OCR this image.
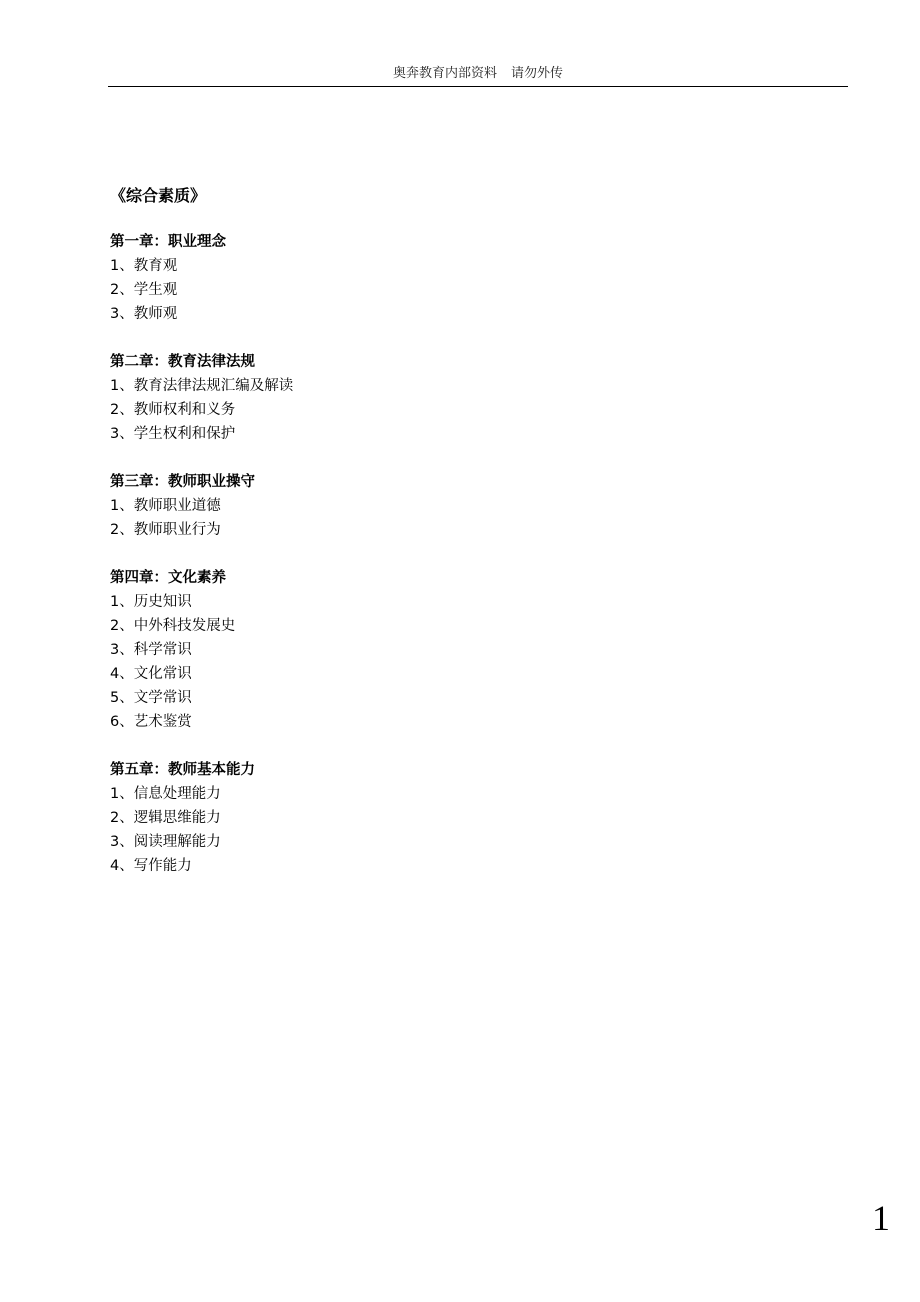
奥奔教育内部资料 请勿外传

《综合素质》

第一章：职业理念

1、教育观

2、学生观

3、教师观

第二章：教育法律法规

1、教育法律法规汇编及解读

2、教师权利和义务

3、学生权利和保护

第三章：教师职业操守

1、教师职业道德

2、教师职业行为

第四章：文化素养

1、历史知识

2、中外科技发展史

3、科学常识

4、文化常识

5、文学常识

6、艺术鉴赏

第五章：教师基本能力

1、信息处理能力

2、逻辑思维能力

3、阅读理解能力

4、写作能力

1
